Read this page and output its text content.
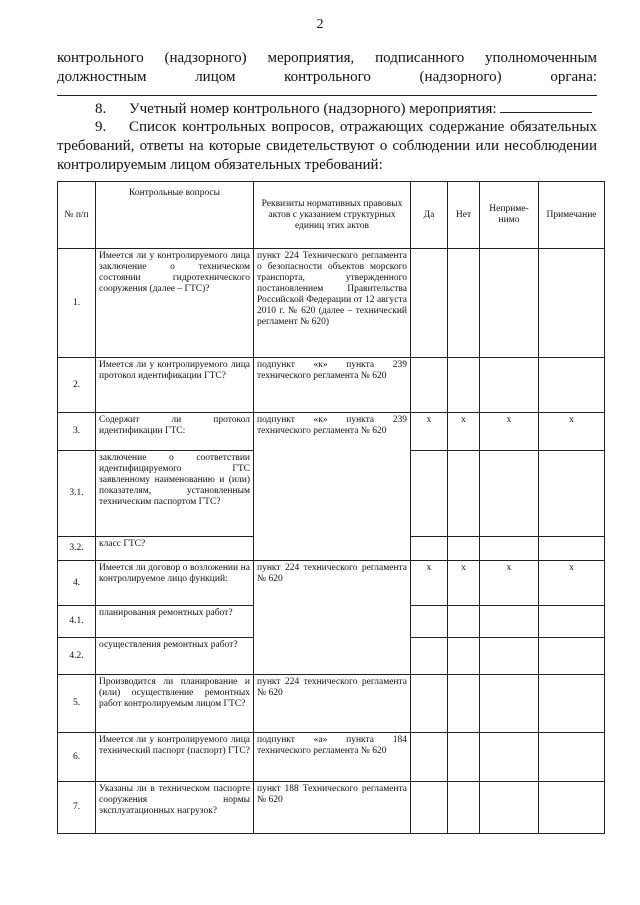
2
контрольного (надзорного) мероприятия, подписанного уполномоченным
должностным	лицом	контрольного	(надзорного)	органа:
8. Учетный номер контрольного (надзорного) мероприятия:
9. Список контрольных вопросов, отражающих содержание обязательных требований, ответы на которые свидетельствуют о соблюдении или несоблюдении контролируемым лицом обязательных требований:
№ п/п	Контрольные вопросы	Реквизиты нормативных правовых актов с указанием структурных единиц этих актов	Да	Нет	Неприме-нимо	Примечание
1.	Имеется ли у контролируемого лица заключение о техническом состоянии гидротехнического сооружения (далее – ГТС)?	пункт 224 Технического регламента о безопасности объектов морского транспорта, утвержденного постановлением Правительства Российской Федерации от 12 августа 2010 г. № 620 (далее – технический регламент № 620)				
2.	Имеется ли у контролируемого лица протокол идентификации ГТС?	подпункт «к» пункта 239 технического регламента № 620				
3.	Содержит ли протокол идентификации ГТС:	подпункт «к» пункта 239 технического регламента № 620	x	x	x	x
3.1.	заключение о соответствии идентифицируемого ГТС заявленному наименованию и (или) показателям, установленным техническим паспортом ГТС?					
3.2.	класс ГТС?					
4.	Имеется ли договор о возложении на контролируемое лицо функций:	пункт 224 технического регламента № 620	x	x	x	x
4.1.	планирования ремонтных работ?					
4.2.	осуществления ремонтных работ?					
5.	Производится ли планирование и (или) осуществление ремонтных работ контролируемым лицом ГТС?	пункт 224 технического регламента № 620				
6.	Имеется ли у контролируемого лица технический паспорт (паспорт) ГТС?	подпункт «а» пункта 184 технического регламента № 620				
7.	Указаны ли в техническом паспорте сооружения нормы эксплуатационных нагрузок?	пункт 188 Технического регламента № 620				
